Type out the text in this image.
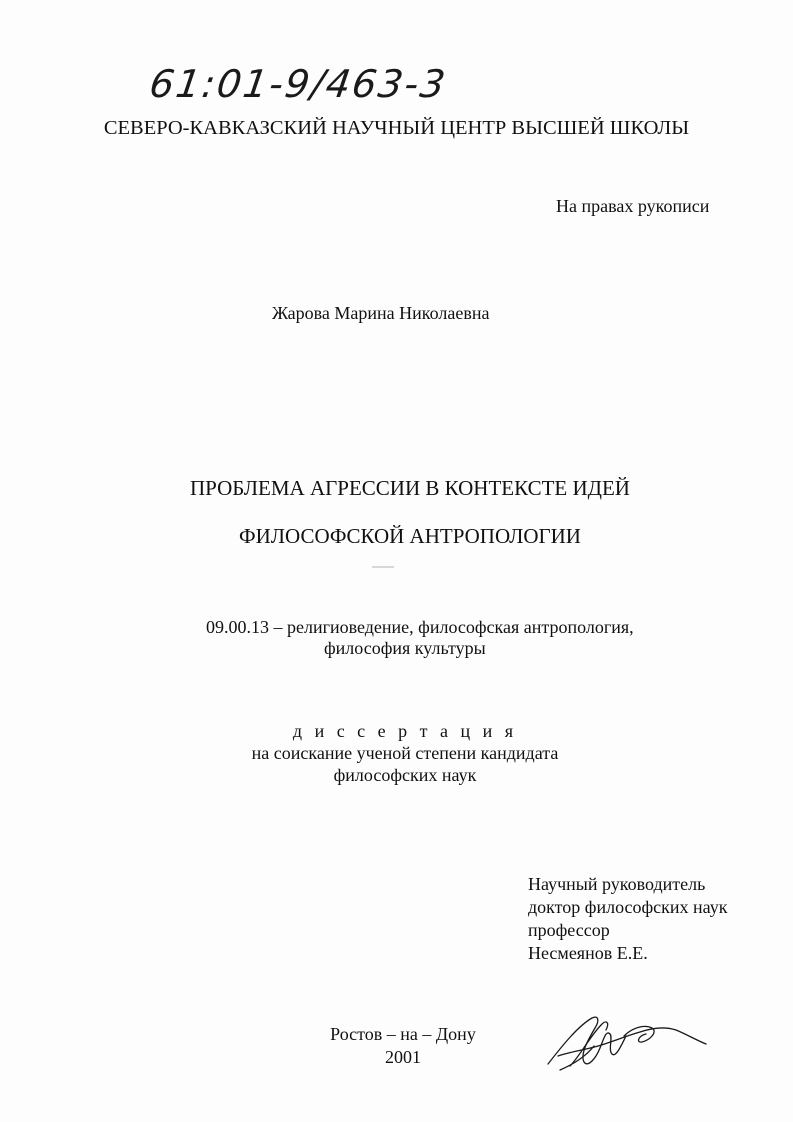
61:01-9/463-3
СЕВЕРО-КАВКАЗСКИЙ НАУЧНЫЙ ЦЕНТР ВЫСШЕЙ ШКОЛЫ
На правах рукописи
Жарова Марина Николаевна
ПРОБЛЕМА АГРЕССИИ В КОНТЕКСТЕ ИДЕЙ
ФИЛОСОФСКОЙ АНТРОПОЛОГИИ
09.00.13 – религиоведение, философская антропология,
философия культуры
д и с с е р т а ц и я
на соискание ученой степени кандидата
философских наук
Научный руководитель
доктор философских наук
профессор
Несмеянов Е.Е.
Ростов – на – Дону
2001
